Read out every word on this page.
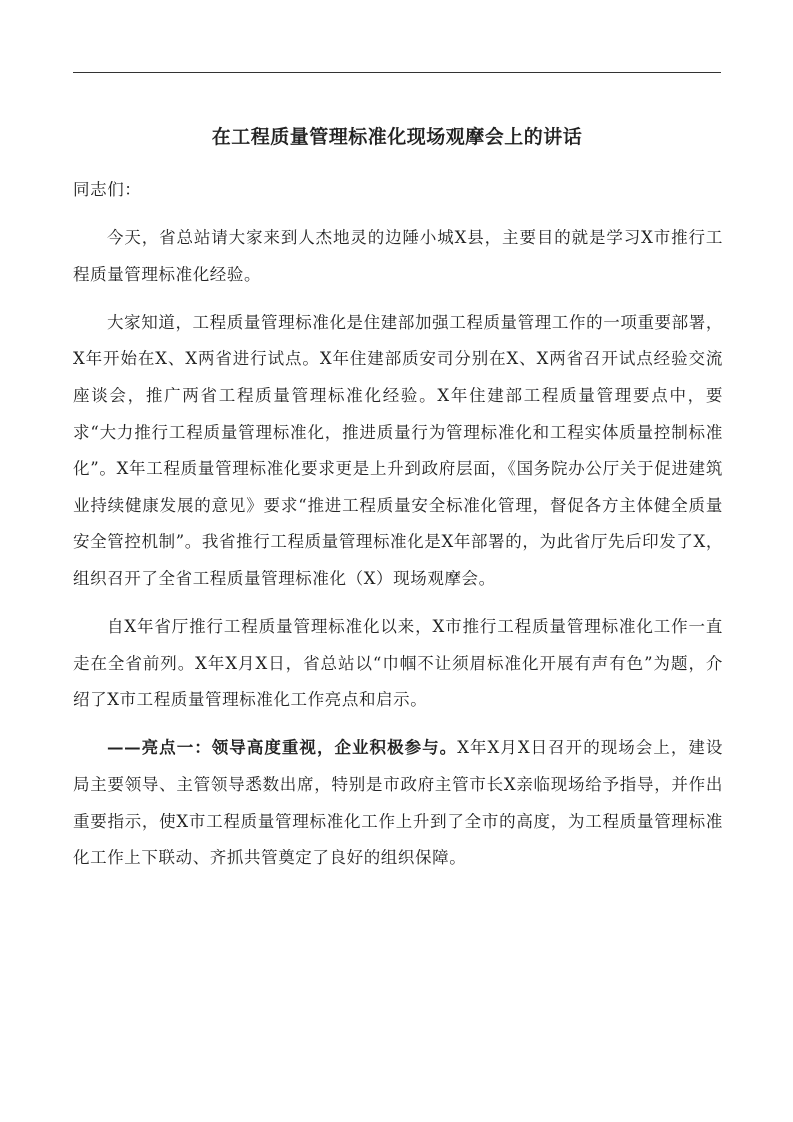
在工程质量管理标准化现场观摩会上的讲话

同志们：

今天，省总站请大家来到人杰地灵的边陲小城X县，主要目的就是学习X市推行工程质量管理标准化经验。

大家知道，工程质量管理标准化是住建部加强工程质量管理工作的一项重要部署，X年开始在X、X两省进行试点。X年住建部质安司分别在X、X两省召开试点经验交流座谈会，推广两省工程质量管理标准化经验。X年住建部工程质量管理要点中，要求“大力推行工程质量管理标准化，推进质量行为管理标准化和工程实体质量控制标准化”。X年工程质量管理标准化要求更是上升到政府层面，《国务院办公厅关于促进建筑业持续健康发展的意见》要求“推进工程质量安全标准化管理，督促各方主体健全质量安全管控机制”。我省推行工程质量管理标准化是X年部署的，为此省厅先后印发了X，组织召开了全省工程质量管理标准化（X）现场观摩会。

自X年省厅推行工程质量管理标准化以来，X市推行工程质量管理标准化工作一直走在全省前列。X年X月X日，省总站以“巾帼不让须眉标准化开展有声有色”为题，介绍了X市工程质量管理标准化工作亮点和启示。

——亮点一：领导高度重视，企业积极参与。X年X月X日召开的现场会上，建设局主要领导、主管领导悉数出席，特别是市政府主管市长X亲临现场给予指导，并作出重要指示，使X市工程质量管理标准化工作上升到了全市的高度，为工程质量管理标准化工作上下联动、齐抓共管奠定了良好的组织保障。
